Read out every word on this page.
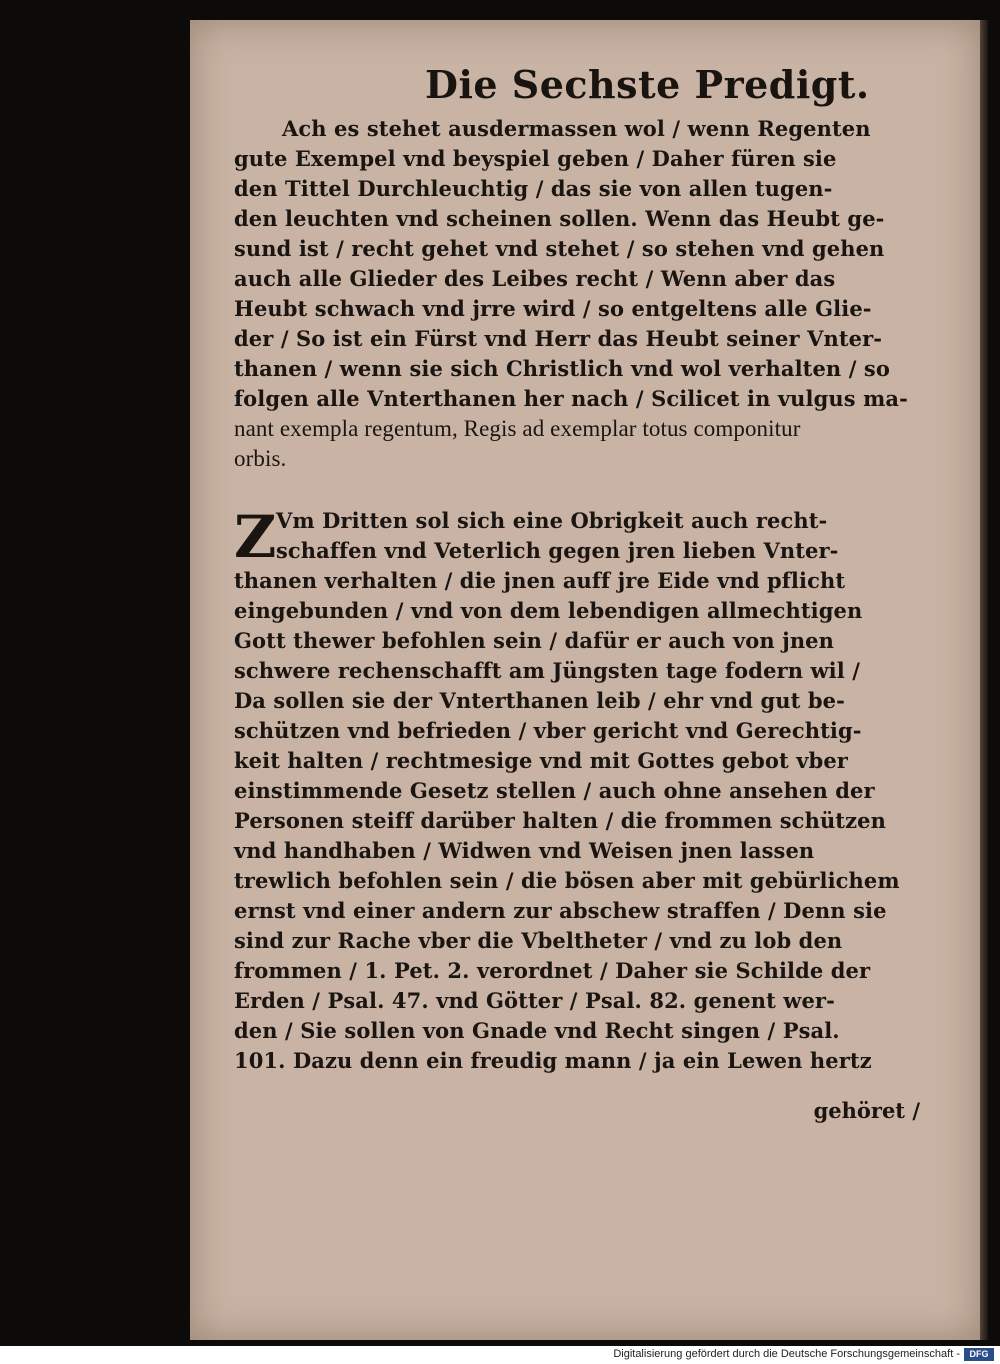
Die Sechste Predigt.
Ach es stehet ausdermassen wol / wenn Regenten
gute Exempel vnd beyspiel geben / Daher füren sie
den Tittel Durchleuchtig / das sie von allen tugen-
den leuchten vnd scheinen sollen. Wenn das Heubt ge-
sund ist / recht gehet vnd stehet / so stehen vnd gehen
auch alle Glieder des Leibes recht / Wenn aber das
Heubt schwach vnd jrre wird / so entgeltens alle Glie-
der / So ist ein Fürst vnd Herr das Heubt seiner Vnter-
thanen / wenn sie sich Christlich vnd wol verhalten / so
folgen alle Vnterthanen her nach / Scilicet in vulgus ma-
nant exempla regentum, Regis ad exemplar totus componitur
orbis.
Z Vm Dritten sol sich eine Obrigkeit auch recht-
schaffen vnd Veterlich gegen jren lieben Vnter-
thanen verhalten / die jnen auff jre Eide vnd pflicht
eingebunden / vnd von dem lebendigen allmechtigen
Gott thewer befohlen sein / dafür er auch von jnen
schwere rechenschafft am Jüngsten tage fodern wil /
Da sollen sie der Vnterthanen leib / ehr vnd gut be-
schützen vnd befrieden / vber gericht vnd Gerechtig-
keit halten / rechtmesige vnd mit Gottes gebot vber
einstimmende Gesetz stellen / auch ohne ansehen der
Personen steiff darüber halten / die frommen schützen
vnd handhaben / Widwen vnd Weisen jnen lassen
trewlich befohlen sein / die bösen aber mit gebürlichem
ernst vnd einer andern zur abschew straffen / Denn sie
sind zur Rache vber die Vbeltheter / vnd zu lob den
frommen / 1. Pet. 2. verordnet / Daher sie Schilde der
Erden / Psal. 47. vnd Götter / Psal. 82. genent wer-
den / Sie sollen von Gnade vnd Recht singen / Psal.
101. Dazu denn ein freudig mann / ja ein Lewen hertz
gehöret /
Digitalisierung gefördert durch die Deutsche Forschungsgemeinschaft -	DFG
